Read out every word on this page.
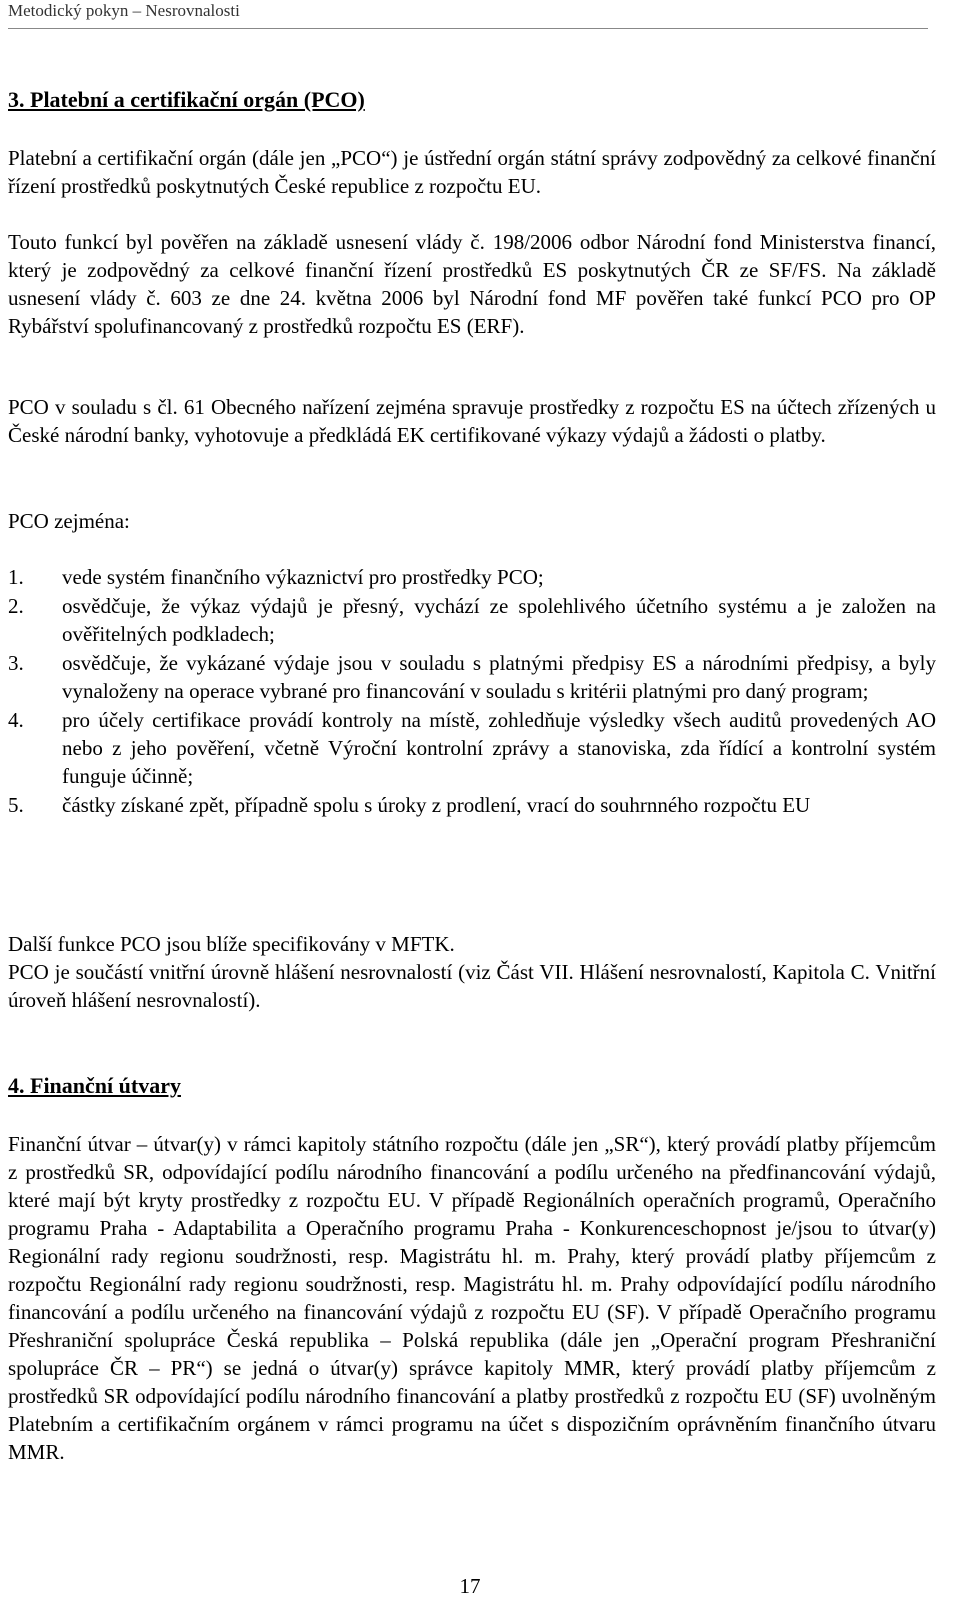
Metodický pokyn – Nesrovnalosti
3. Platební a certifikační orgán (PCO)

Platební a certifikační orgán (dále jen „PCO“) je ústřední orgán státní správy zodpovědný za celkové finanční řízení prostředků poskytnutých České republice z rozpočtu EU.

Touto funkcí byl pověřen na základě usnesení vlády č. 198/2006 odbor Národní fond Ministerstva financí, který je zodpovědný za celkové finanční řízení prostředků ES poskytnutých ČR ze SF/FS. Na základě usnesení vlády č. 603 ze dne 24. května 2006 byl Národní fond MF pověřen také funkcí PCO pro OP Rybářství spolufinancovaný z prostředků rozpočtu ES (ERF).

PCO v souladu s čl. 61 Obecného nařízení zejména spravuje prostředky z rozpočtu ES na účtech zřízených u České národní banky, vyhotovuje a předkládá EK certifikované výkazy výdajů a žádosti o platby.

PCO zejména:

1.	vede systém finančního výkaznictví pro prostředky PCO;
2.	osvědčuje, že výkaz výdajů je přesný, vychází ze spolehlivého účetního systému a je založen na ověřitelných podkladech;
3.	osvědčuje, že vykázané výdaje jsou v souladu s platnými předpisy ES a národními předpisy, a byly vynaloženy na operace vybrané pro financování v souladu s kritérii platnými pro daný program;
4.	pro účely certifikace provádí kontroly na místě, zohledňuje výsledky všech auditů provedených AO nebo z jeho pověření, včetně Výroční kontrolní zprávy a stanoviska, zda řídící a kontrolní systém funguje účinně;
5.	částky získané zpět, případně spolu s úroky z prodlení, vrací do souhrnného rozpočtu EU

Další funkce PCO jsou blíže specifikovány v MFTK.

PCO je součástí vnitřní úrovně hlášení nesrovnalostí (viz Část VII. Hlášení nesrovnalostí, Kapitola C. Vnitřní úroveň hlášení nesrovnalostí).

4. Finanční útvary

Finanční útvar – útvar(y) v rámci kapitoly státního rozpočtu (dále jen „SR“), který provádí platby příjemcům z prostředků SR, odpovídající podílu národního financování a podílu určeného na předfinancování výdajů, které mají být kryty prostředky z rozpočtu EU. V případě Regionálních operačních programů, Operačního programu Praha - Adaptabilita a Operačního programu Praha - Konkurenceschopnost je/jsou to útvar(y) Regionální rady regionu soudržnosti, resp. Magistrátu hl. m. Prahy, který provádí platby příjemcům z rozpočtu Regionální rady regionu soudržnosti, resp. Magistrátu hl. m. Prahy odpovídající podílu národního financování a podílu určeného na financování výdajů z rozpočtu EU (SF). V případě Operačního programu Přeshraniční spolupráce Česká republika – Polská republika (dále jen „Operační program Přeshraniční spolupráce ČR – PR“) se jedná o útvar(y) správce kapitoly MMR, který provádí platby příjemcům z prostředků SR odpovídající podílu národního financování a platby prostředků z rozpočtu EU (SF) uvolněným Platebním a certifikačním orgánem v rámci programu na účet s dispozičním oprávněním finančního útvaru MMR.

17
